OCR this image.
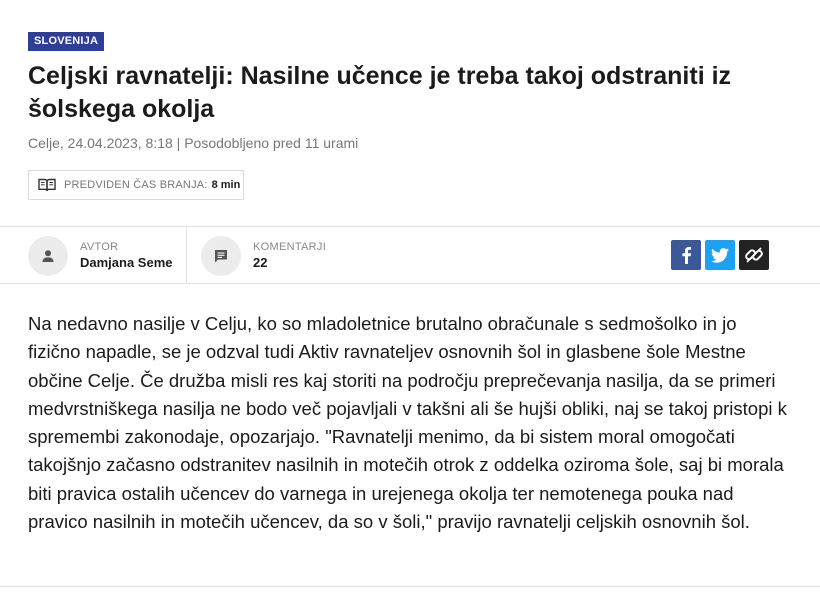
SLOVENIJA
Celjski ravnatelji: Nasilne učence je treba takoj odstraniti iz šolskega okolja
Celje, 24.04.2023, 8:18 | Posodobljeno pred 11 urami
PREDVIDEN ČAS BRANJA: 8 min
AVTOR
Damjana Seme
KOMENTARJI
22

Na nedavno nasilje v Celju, ko so mladoletnice brutalno obračunale s sedmošolko in jo fizično napadle, se je odzval tudi Aktiv ravnateljev osnovnih šol in glasbene šole Mestne občine Celje. Če družba misli res kaj storiti na področju preprečevanja nasilja, da se primeri medvrstniškega nasilja ne bodo več pojavljali v takšni ali še hujši obliki, naj se takoj pristopi k spremembi zakonodaje, opozarjajo. "Ravnatelji menimo, da bi sistem moral omogočati takojšnjo začasno odstranitev nasilnih in motečih otrok z oddelka oziroma šole, saj bi morala biti pravica ostalih učencev do varnega in urejenega okolja ter nemotenega pouka nad pravico nasilnih in motečih učencev, da so v šoli," pravijo ravnatelji celjskih osnovnih šol.
